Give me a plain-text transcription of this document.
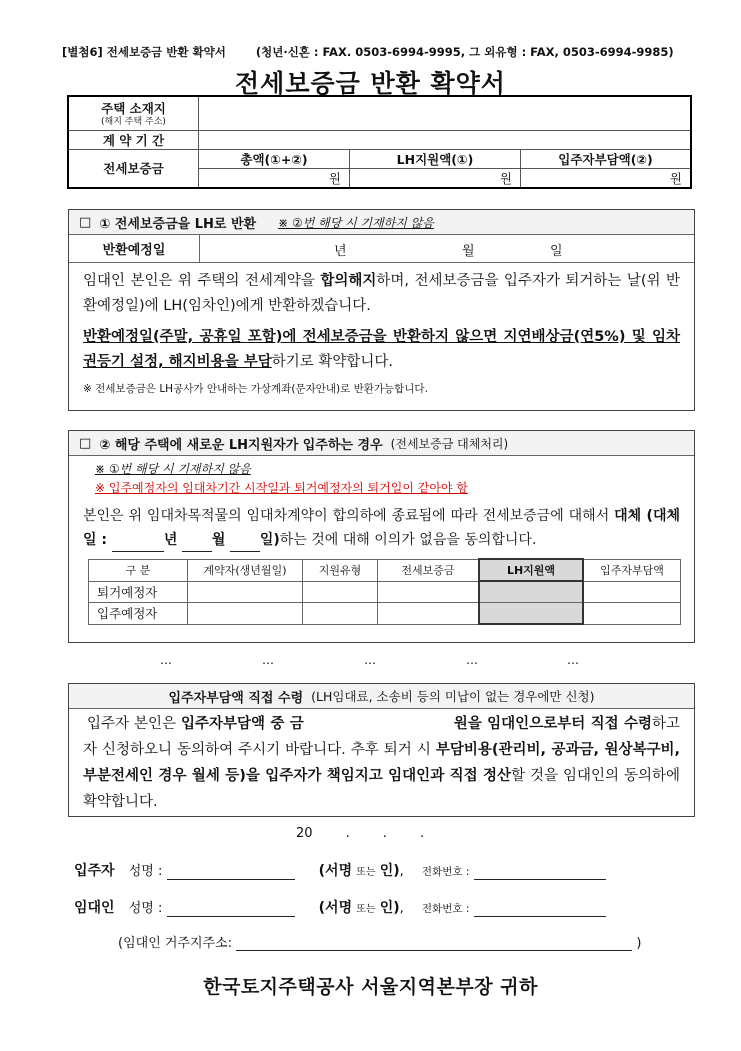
[별첨6] 전세보증금 반환 확약서	(청년·신혼 : FAX. 0503-6994-9995, 그 외유형 : FAX, 0503-6994-9985)
전세보증금 반환 확약서
주택 소재지
(해지 주택 주소)			

계 약 기 간			
전세보증금	총액(①+②)	LH지원액(①)	입주자부담액(②)
	원	원	원
□ ① 전세보증금을 LH로 반환 ※ ②번 해당 시 기재하지 않음
반환예정일	년	월	일
임대인 본인은 위 주택의 전세계약을 합의해지하며, 전세보증금을 입주자가 퇴거하는 날(위 반환예정일)에 LH(임차인)에게 반환하겠습니다.
반환예정일(주말, 공휴일 포함)에 전세보증금을 반환하지 않으면 지연배상금(연5%) 및 임차권등기 설정, 해지비용을 부담하기로 확약합니다.
※ 전세보증금은 LH공사가 안내하는 가상계좌(문자안내)로 반환가능합니다.
□ ② 해당 주택에 새로운 LH지원자가 입주하는 경우 (전세보증금 대체처리)
※ ①번 해당 시 기재하지 않음
※ 입주예정자의 임대차기간 시작일과 퇴거예정자의 퇴거일이 같아야 함
본인은 위 임대차목적물의 임대차계약이 합의하에 종료됨에 따라 전세보증금에 대해서 대체 (대체일 :	년 월 일)하는 것에 대해 이의가 없음을 동의합니다.
구 분	계약자(생년월일)	지원유형	전세보증금	LH지원액	입주자부담액
퇴거예정자					
입주예정자					
…	…	…	…	…
입주자부담액 직접 수령 (LH임대료, 소송비 등의 미납이 없는 경우에만 신청)
입주자 본인은 입주자부담액 중 금	원을 임대인으로부터 직접 수령하고자 신청하오니 동의하여 주시기 바랍니다. 추후 퇴거 시 부담비용(관리비, 공과금, 원상복구비, 부분전세인 경우 월세 등)을 입주자가 책임지고 임대인과 직접 정산할 것을 임대인의 동의하에 확약합니다.
20        .        .        .
입주자 성명 :	(서명 또는 인), 전화번호 :
임대인 성명 :	(서명 또는 인), 전화번호 :
(임대인 거주지주소:	)
한국토지주택공사 서울지역본부장 귀하
